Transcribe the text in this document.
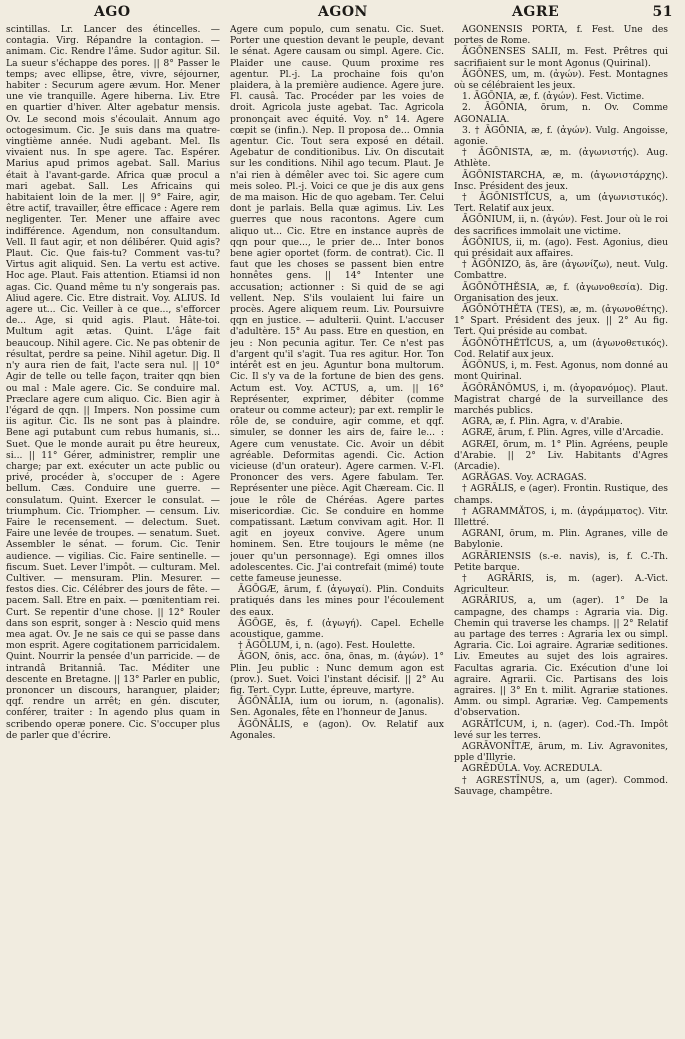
AGO	AGON	AGRE	51

scintillas. Lr. Lancer des étincelles. — contagia. Virg. Répandre la contagion. — animam. Cic. Rendre l'âme. Sudor agitur. Sil. La sueur s'échappe des pores. || 8° Passer le temps; avec ellipse, être, vivre, séjourner, habiter : Securum agere ævum. Hor. Mener une vie tranquille. Agere hiberna. Liv. Etre en quartier d'hiver. Alter agebatur mensis. Ov. Le second mois s'écoulait. Annum ago octogesimum. Cic. Je suis dans ma quatre-vingtième année. Nudi agebant. Mel. Ils vivaient nus. In spe agere. Tac. Espérer. Marius apud primos agebat. Sall. Marius était à l'avant-garde. Africa quæ procul a mari agebat. Sall. Les Africains qui habitaient loin de la mer. || 9° Faire, agir, être actif, travailler, être efficace : Agere rem negligenter. Ter. Mener une affaire avec indifférence. Agendum, non consultandum. Vell. Il faut agir, et non délibérer. Quid agis? Plaut. Cic. Que fais-tu? Comment vas-tu? Virtus agit aliquid. Sen. La vertu est active. Hoc age. Plaut. Fais attention. Etiamsi id non agas. Cic. Quand même tu n'y songerais pas. Aliud agere. Cic. Etre distrait. Voy. ALIUS. Id agere ut... Cic. Veiller à ce que..., s'efforcer de... Age, si quid agis. Plaut. Hâte-toi. Multum agit ætas. Quint. L'âge fait beaucoup. Nihil agere. Cic. Ne pas obtenir de résultat, perdre sa peine. Nihil agetur. Dig. Il n'y aura rien de fait, l'acte sera nul. || 10° Agir de telle ou telle façon, traiter qqn bien ou mal : Male agere. Cic. Se conduire mal. Præclare agere cum aliquo. Cic. Bien agir à l'égard de qqn. || Impers. Non possime cum iis agitur. Cic. Ils ne sont pas à plaindre. Bene agi putabunt cum rebus humanis, si... Suet. Que le monde aurait pu être heureux, si... || 11° Gérer, administrer, remplir une charge; par ext. exécuter un acte public ou privé, procéder à, s'occuper de : Agere bellum. Cæs. Conduire une guerre. — consulatum. Quint. Exercer le consulat. — triumphum. Cic. Triompher. — censum. Liv. Faire le recensement. — delectum. Suet. Faire une levée de troupes. — senatum. Suet. Assembler le sénat. — forum. Cic. Tenir audience. — vigilias. Cic. Faire sentinelle. — fiscum. Suet. Lever l'impôt. — culturam. Mel. Cultiver. — mensuram. Plin. Mesurer. — festos dies. Cic. Célébrer des jours de fête. — pacem. Sall. Etre en paix. — pœnitentiam rei. Curt. Se repentir d'une chose. || 12° Rouler dans son esprit, songer à : Nescio quid mens mea agat. Ov. Je ne sais ce qui se passe dans mon esprit. Agere cogitationem parricidalem. Quint. Nourrir la pensée d'un parricide. — de intrandâ Britanniâ. Tac. Méditer une descente en Bretagne. || 13° Parler en public, prononcer un discours, haranguer, plaider; qqf. rendre un arrêt; en gén. discuter, conférer, traiter : In agendo plus quam in scribendo operæ ponere. Cic. S'occuper plus de parler que d'écrire.

Agere cum populo, cum senatu. Cic. Suet. Porter une question devant le peuple, devant le sénat. Agere causam ou simpl. Agere. Cic. Plaider une cause. Quum proxime res agentur. Pl.-j. La prochaine fois qu'on plaidera, à la première audience. Agere jure. Fl. causâ. Tac. Procéder par les voies de droit. Agricola juste agebat. Tac. Agricola prononçait avec équité. Voy. n° 14. Agere cœpit se (infin.). Nep. Il proposa de... Omnia agentur. Cic. Tout sera exposé en détail. Agebatur de conditionibus. Liv. On discutait sur les conditions. Nihil ago tecum. Plaut. Je n'ai rien à démêler avec toi. Sic agere cum meis soleo. Pl.-j. Voici ce que je dis aux gens de ma maison. Hic de quo agebam. Ter. Celui dont je parlais. Bella quæ agimus. Liv. Les guerres que nous racontons. Agere cum aliquo ut... Cic. Etre en instance auprès de qqn pour que..., le prier de... Inter bonos bene agier oportet (form. de contrat). Cic. Il faut que les choses se passent bien entre honnêtes gens. || 14° Intenter une accusation; actionner : Si quid de se agi vellent. Nep. S'ils voulaient lui faire un procès. Agere aliquem reum. Liv. Poursuivre qqn en justice. — adulterii. Quint. L'accuser d'adultère. 15° Au pass. Etre en question, en jeu : Non pecunia agitur. Ter. Ce n'est pas d'argent qu'il s'agit. Tua res agitur. Hor. Ton intérêt est en jeu. Aguntur bona multorum. Cic. Il s'y va de la fortune de bien des gens. Actum est. Voy. ACTUS, a, um. || 16° Représenter, exprimer, débiter (comme orateur ou comme acteur); par ext. remplir le rôle de, se conduire, agir comme, et qqf. simuler, se donner les airs de, faire le... : Agere cum venustate. Cic. Avoir un débit agréable. Deformitas agendi. Cic. Action vicieuse (d'un orateur). Agere carmen. V.-Fl. Prononcer des vers. Agere fabulam. Ter. Représenter une pièce. Agit Chæream. Cic. Il joue le rôle de Chéréas. Agere partes misericordiæ. Cic. Se conduire en homme compatissant. Lætum convivam agit. Hor. Il agit en joyeux convive. Agere unum hominem. Sen. Etre toujours le même (ne jouer qu'un personnage). Egi omnes illos adolescentes. Cic. J'ai contrefait (mimé) toute cette fameuse jeunesse.

ĀGŌGÆ, ārum, f. (ἀγωγαί). Plin. Conduits pratiqués dans les mines pour l'écoulement des eaux.

ĀGŌGE, ēs, f. (ἀγωγή). Capel. Echelle acoustique, gamme.

† ĀGŌLUM, i, n. (ago). Fest. Houlette.

ĀGON, ōnis, acc. ōna, ōnas, m. (ἀγών). 1° Plin. Jeu public : Nunc demum agon est (prov.). Suet. Voici l'instant décisif. || 2° Au fig. Tert. Cypr. Lutte, épreuve, martyre.

ĀGŌNĀLIA, ium ou iorum, n. (agonalis). Sen. Agonales, fête en l'honneur de Janus.

ĀGŌNĀLIS, e (agon). Ov. Relatif aux Agonales.

ĀGŌNENSIS PORTA, f. Fest. Une des portes de Rome.

ĀGŌNENSES SALII, m. Fest. Prêtres qui sacrifiaient sur le mont Agonus (Quirinal).

ĀGŌNES, um, m. (ἀγών). Fest. Montagnes où se célébraient les jeux.

1. ĀGŌNIA, æ, f. (ἀγών). Fest. Victime.

2. ĀGŌNIA, ōrum, n. Ov. Comme AGONALIA.

3. † ĀGŌNIA, æ, f. (ἀγών). Vulg. Angoisse, agonie.

† ĀGŌNISTA, æ, m. (ἀγωνιστής). Aug. Athlète.

ĀGŌNISTARCHA, æ, m. (ἀγωνιστάρχης). Insc. Président des jeux.

† ĀGŌNISTĬCUS, a, um (ἀγωνιστικός). Tert. Relatif aux jeux.

ĀGŌNIUM, ii, n. (ἀγών). Fest. Jour où le roi des sacrifices immolait une victime.

ĀGŌNIUS, ii, m. (ago). Fest. Agonius, dieu qui présidait aux affaires.

† ĀGŌNIZO, ās, āre (ἀγωνίζω), neut. Vulg. Combattre.

ĀGŌNŎTHĔSIA, æ, f. (ἀγωνοθεσία). Dig. Organisation des jeux.

ĀGŌNŎTHĔTA (TES), æ, m. (ἀγωνοθέτης). 1° Spart. Président des jeux. || 2° Au fig. Tert. Qui préside au combat.

ĀGŌNŎTHĔTĬCUS, a, um (ἀγωνοθετικός). Cod. Relatif aux jeux.

ĀGŌNUS, i, m. Fest. Agonus, nom donné au mont Quirinal.

ĀGŎRĀNŎMUS, i, m. (ἀγορανόμος). Plaut. Magistrat chargé de la surveillance des marchés publics.

AGRA, æ, f. Plin. Agra, v. d'Arabie.

AGRÆ, ārum, f. Plin. Agres, ville d'Arcadie.

AGRÆI, ōrum, m. 1° Plin. Agréens, peuple d'Arabie. || 2° Liv. Habitants d'Agres (Arcadie).

AGRĂGAS. Voy. ACRAGAS.

† AGRĀLIS, e (ager). Frontin. Rustique, des champs.

† AGRAMMĂTOS, i, m. (ἀγράμματος). Vitr. Illettré.

AGRANI, ōrum, m. Plin. Agranes, ville de Babylonie.

AGRĀRIENSIS (s.-e. navis), is, f. C.-Th. Petite barque.

† AGRĀRIS, is, m. (ager). A.-Vict. Agriculteur.

AGRĀRIUS, a, um (ager). 1° De la campagne, des champs : Agraria via. Dig. Chemin qui traverse les champs. || 2° Relatif au partage des terres : Agraria lex ou simpl. Agraria. Cic. Loi agraire. Agrariæ seditiones. Liv. Emeutes au sujet des lois agraires. Facultas agraria. Cic. Exécution d'une loi agraire. Agrarii. Cic. Partisans des lois agraires. || 3° En t. milit. Agrariæ stationes. Amm. ou simpl. Agrariæ. Veg. Campements d'observation.

AGRĀTĬCUM, i, n. (ager). Cod.-Th. Impôt levé sur les terres.

AGRĀVONĪTÆ, ārum, m. Liv. Agravonites, pple d'Illyrie.

AGRĒDŬLA. Voy. ACREDULA.

† AGRESTĪNUS, a, um (ager). Commod. Sauvage, champêtre.
